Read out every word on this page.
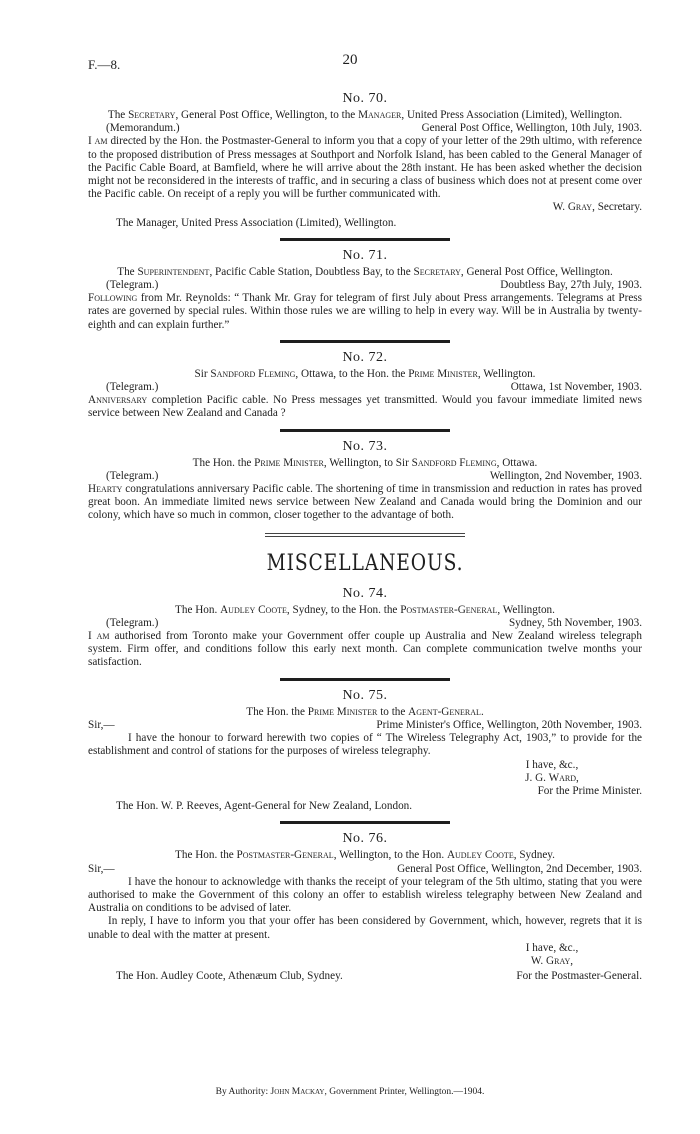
F.—8.	20
No. 70.

The Secretary, General Post Office, Wellington, to the Manager, United Press Association (Limited), Wellington.

(Memorandum.)	General Post Office, Wellington, 10th July, 1903.

I am directed by the Hon. the Postmaster-General to inform you that a copy of your letter of the 29th ultimo, with reference to the proposed distribution of Press messages at Southport and Norfolk Island, has been cabled to the General Manager of the Pacific Cable Board, at Bamfield, where he will arrive about the 28th instant. He has been asked whether the decision might not be reconsidered in the interests of traffic, and in securing a class of business which does not at present come over the Pacific cable. On receipt of a reply you will be further communicated with.

W. Gray, Secretary.

The Manager, United Press Association (Limited), Wellington.

No. 71.

The Superintendent, Pacific Cable Station, Doubtless Bay, to the Secretary, General Post Office, Wellington.

(Telegram.)	Doubtless Bay, 27th July, 1903.

Following from Mr. Reynolds: “ Thank Mr. Gray for telegram of first July about Press arrangements. Telegrams at Press rates are governed by special rules. Within those rules we are willing to help in every way. Will be in Australia by twenty-eighth and can explain further.”

No. 72.

Sir Sandford Fleming, Ottawa, to the Hon. the Prime Minister, Wellington.

(Telegram.)	Ottawa, 1st November, 1903.

Anniversary completion Pacific cable. No Press messages yet transmitted. Would you favour immediate limited news service between New Zealand and Canada ?

No. 73.

The Hon. the Prime Minister, Wellington, to Sir Sandford Fleming, Ottawa.

(Telegram.)	Wellington, 2nd November, 1903.

Hearty congratulations anniversary Pacific cable. The shortening of time in transmission and reduction in rates has proved great boon. An immediate limited news service between New Zealand and Canada would bring the Dominion and our colony, which have so much in common, closer together to the advantage of both.

MISCELLANEOUS.
No. 74.

The Hon. Audley Coote, Sydney, to the Hon. the Postmaster-General, Wellington.

(Telegram.)	Sydney, 5th November, 1903.

I am authorised from Toronto make your Government offer couple up Australia and New Zealand wireless telegraph system. Firm offer, and conditions follow this early next month. Can complete communication twelve months your satisfaction.

No. 75.

The Hon. the Prime Minister to the Agent-General.

Sir,—	Prime Minister's Office, Wellington, 20th November, 1903.

I have the honour to forward herewith two copies of “ The Wireless Telegraphy Act, 1903,” to provide for the establishment and control of stations for the purposes of wireless telegraphy.

I have, &c.,
J. G. Ward,
For the Prime Minister.

The Hon. W. P. Reeves, Agent-General for New Zealand, London.

No. 76.

The Hon. the Postmaster-General, Wellington, to the Hon. Audley Coote, Sydney.

Sir,—	General Post Office, Wellington, 2nd December, 1903.

I have the honour to acknowledge with thanks the receipt of your telegram of the 5th ultimo, stating that you were authorised to make the Government of this colony an offer to establish wireless telegraphy between New Zealand and Australia on conditions to be advised of later.

In reply, I have to inform you that your offer has been considered by Government, which, however, regrets that it is unable to deal with the matter at present.

I have, &c.,
W. Gray,
The Hon. Audley Coote, Athenæum Club, Sydney.	For the Postmaster-General.
By Authority: John Mackay, Government Printer, Wellington.—1904.
